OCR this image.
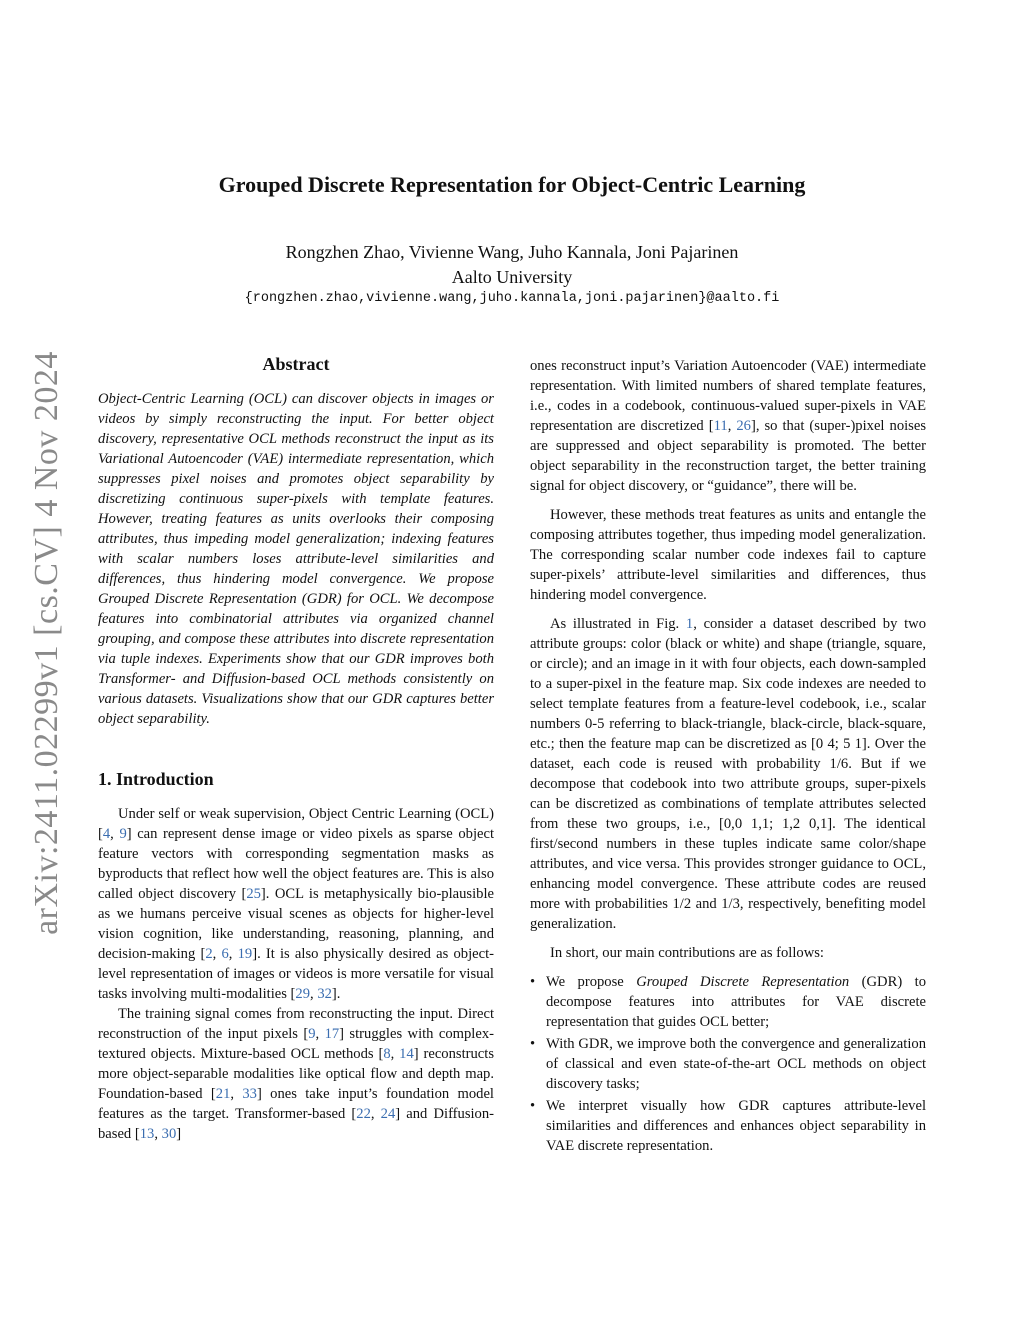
arXiv:2411.02299v1 [cs.CV] 4 Nov 2024
Grouped Discrete Representation for Object-Centric Learning
Rongzhen Zhao, Vivienne Wang, Juho Kannala, Joni Pajarinen
Aalto University
{rongzhen.zhao,vivienne.wang,juho.kannala,joni.pajarinen}@aalto.fi
Abstract

Object-Centric Learning (OCL) can discover objects in images or videos by simply reconstructing the input. For better object discovery, representative OCL methods reconstruct the input as its Variational Autoencoder (VAE) intermediate representation, which suppresses pixel noises and promotes object separability by discretizing continuous super-pixels with template features. However, treating features as units overlooks their composing attributes, thus impeding model generalization; indexing features with scalar numbers loses attribute-level similarities and differences, thus hindering model convergence. We propose Grouped Discrete Representation (GDR) for OCL. We decompose features into combinatorial attributes via organized channel grouping, and compose these attributes into discrete representation via tuple indexes. Experiments show that our GDR improves both Transformer- and Diffusion-based OCL methods consistently on various datasets. Visualizations show that our GDR captures better object separability.

1. Introduction

Under self or weak supervision, Object Centric Learning (OCL) [4, 9] can represent dense image or video pixels as sparse object feature vectors with corresponding segmentation masks as byproducts that reflect how well the object features are. This is also called object discovery [25]. OCL is metaphysically bio-plausible as we humans perceive visual scenes as objects for higher-level vision cognition, like understanding, reasoning, planning, and decision-making [2, 6, 19]. It is also physically desired as object-level representation of images or videos is more versatile for visual tasks involving multi-modalities [29, 32].

The training signal comes from reconstructing the input. Direct reconstruction of the input pixels [9, 17] struggles with complex-textured objects. Mixture-based OCL methods [8, 14] reconstructs more object-separable modalities like optical flow and depth map. Foundation-based [21, 33] ones take input’s foundation model features as the target. Transformer-based [22, 24] and Diffusion-based [13, 30]

ones reconstruct input’s Variation Autoencoder (VAE) intermediate representation. With limited numbers of shared template features, i.e., codes in a codebook, continuous-valued super-pixels in VAE representation are discretized [11, 26], so that (super-)pixel noises are suppressed and object separability is promoted. The better object separability in the reconstruction target, the better training signal for object discovery, or “guidance”, there will be.

However, these methods treat features as units and entangle the composing attributes together, thus impeding model generalization. The corresponding scalar number code indexes fail to capture super-pixels’ attribute-level similarities and differences, thus hindering model convergence.

As illustrated in Fig. 1, consider a dataset described by two attribute groups: color (black or white) and shape (triangle, square, or circle); and an image in it with four objects, each down-sampled to a super-pixel in the feature map. Six code indexes are needed to select template features from a feature-level codebook, i.e., scalar numbers 0-5 referring to black-triangle, black-circle, black-square, etc.; then the feature map can be discretized as [0 4; 5 1]. Over the dataset, each code is reused with probability 1/6. But if we decompose that codebook into two attribute groups, super-pixels can be discretized as combinations of template attributes selected from these two groups, i.e., [0,0 1,1; 1,2 0,1]. The identical first/second numbers in these tuples indicate same color/shape attributes, and vice versa. This provides stronger guidance to OCL, enhancing model convergence. These attribute codes are reused more with probabilities 1/2 and 1/3, respectively, benefiting model generalization.

In short, our main contributions are as follows:

• We propose Grouped Discrete Representation (GDR) to decompose features into attributes for VAE discrete representation that guides OCL better;
• With GDR, we improve both the convergence and generalization of classical and even state-of-the-art OCL methods on object discovery tasks;
• We interpret visually how GDR captures attribute-level similarities and differences and enhances object separability in VAE discrete representation.
